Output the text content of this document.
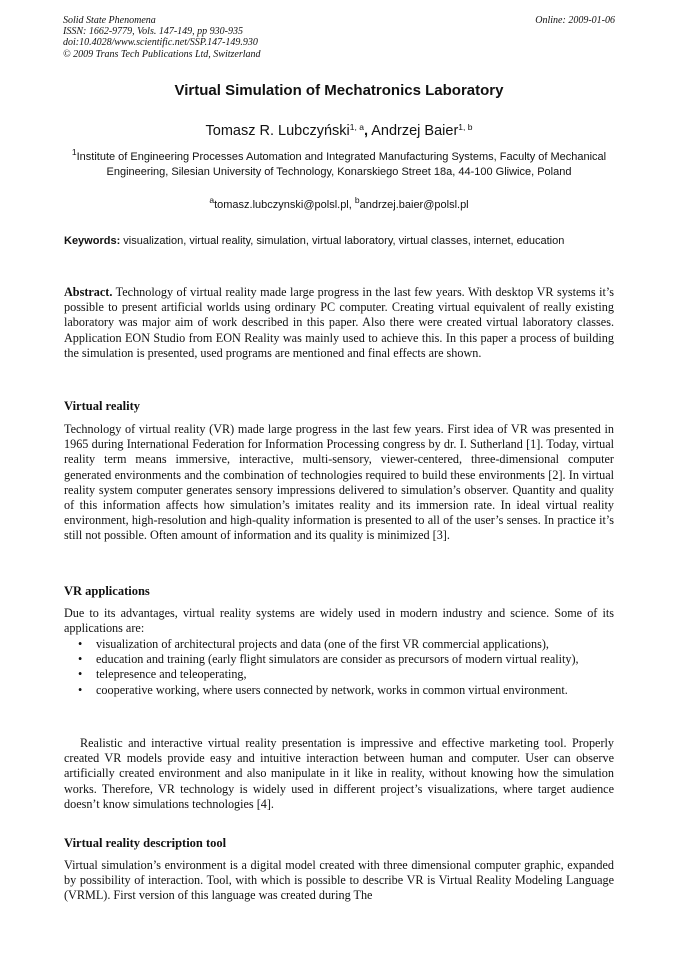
Solid State Phenomena
ISSN: 1662-9779, Vols. 147-149, pp 930-935
doi:10.4028/www.scientific.net/SSP.147-149.930
© 2009 Trans Tech Publications Ltd, Switzerland
Online: 2009-01-06
Virtual Simulation of Mechatronics Laboratory
Tomasz R. Lubczyński$^{1, a}$, Andrzej Baier$^{1, b}$
$^1$Institute of Engineering Processes Automation and Integrated Manufacturing Systems, Faculty of Mechanical Engineering, Silesian University of Technology, Konarskiego Street 18a, 44-100 Gliwice, Poland
$^a$tomasz.lubczynski@polsl.pl, $^b$andrzej.baier@polsl.pl
Keywords: visualization, virtual reality, simulation, virtual laboratory, virtual classes, internet, education
Abstract. Technology of virtual reality made large progress in the last few years. With desktop VR systems it’s possible to present artificial worlds using ordinary PC computer. Creating virtual equivalent of really existing laboratory was major aim of work described in this paper. Also there were created virtual laboratory classes. Application EON Studio from EON Reality was mainly used to achieve this. In this paper a process of building the simulation is presented, used programs are mentioned and final effects are shown.
Virtual reality
Technology of virtual reality (VR) made large progress in the last few years. First idea of VR was presented in 1965 during International Federation for Information Processing congress by dr. I. Sutherland [1]. Today, virtual reality term means immersive, interactive, multi-sensory, viewer-centered, three-dimensional computer generated environments and the combination of technologies required to build these environments [2]. In virtual reality system computer generates sensory impressions delivered to simulation’s observer. Quantity and quality of this information affects how simulation’s imitates reality and its immersion rate. In ideal virtual reality environment, high-resolution and high-quality information is presented to all of the user’s senses. In practice it’s still not possible. Often amount of information and its quality is minimized [3].
VR applications
Due to its advantages, virtual reality systems are widely used in modern industry and science. Some of its applications are:
• visualization of architectural projects and data (one of the first VR commercial applications),
• education and training (early flight simulators are consider as precursors of modern virtual reality),
• telepresence and teleoperating,
• cooperative working, where users connected by network, works in common virtual environment.
Realistic and interactive virtual reality presentation is impressive and effective marketing tool. Properly created VR models provide easy and intuitive interaction between human and computer. User can observe artificially created environment and also manipulate in it like in reality, without knowing how the simulation works. Therefore, VR technology is widely used in different project’s visualizations, where target audience doesn’t know simulations technologies [4].
Virtual reality description tool
Virtual simulation’s environment is a digital model created with three dimensional computer graphic, expanded by possibility of interaction. Tool, with which is possible to describe VR is Virtual Reality Modeling Language (VRML). First version of this language was created during The
